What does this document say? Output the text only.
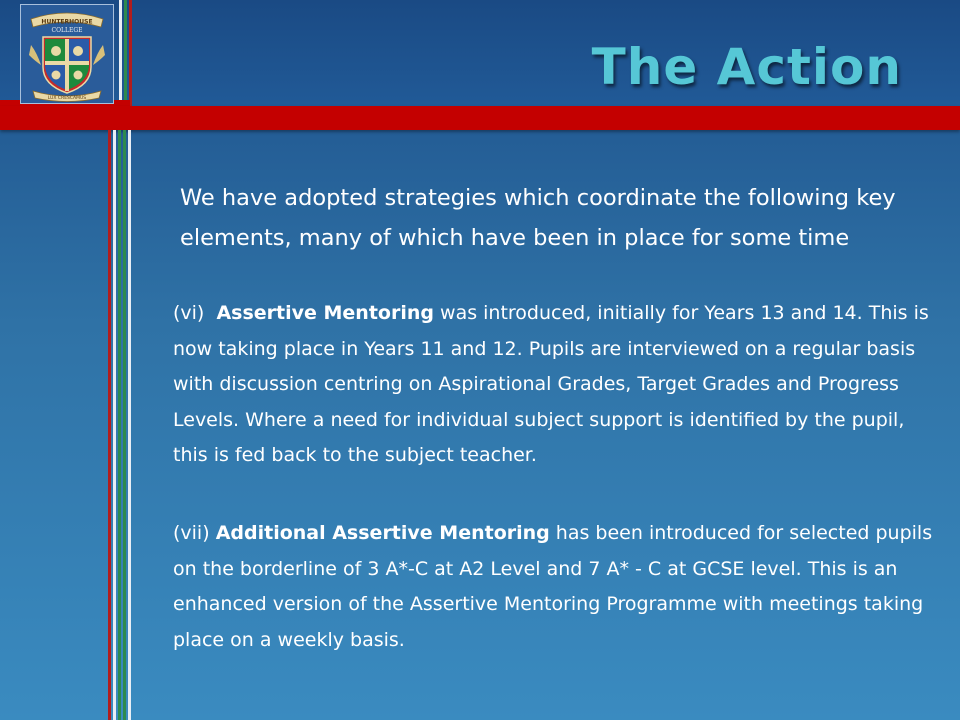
HUNTERHOUSE
COLLEGE
LUX CRESCAMUS
The Action

We have adopted strategies which coordinate the following key elements, many of which have been in place for some time

(vi) Assertive Mentoring was introduced, initially for Years 13 and 14. This is now taking place in Years 11 and 12. Pupils are interviewed on a regular basis with discussion centring on Aspirational Grades, Target Grades and Progress Levels. Where a need for individual subject support is identified by the pupil, this is fed back to the subject teacher.

(vii) Additional Assertive Mentoring has been introduced for selected pupils on the borderline of 3 A*-C at A2 Level and 7 A* - C at GCSE level. This is an enhanced version of the Assertive Mentoring Programme with meetings taking place on a weekly basis.
